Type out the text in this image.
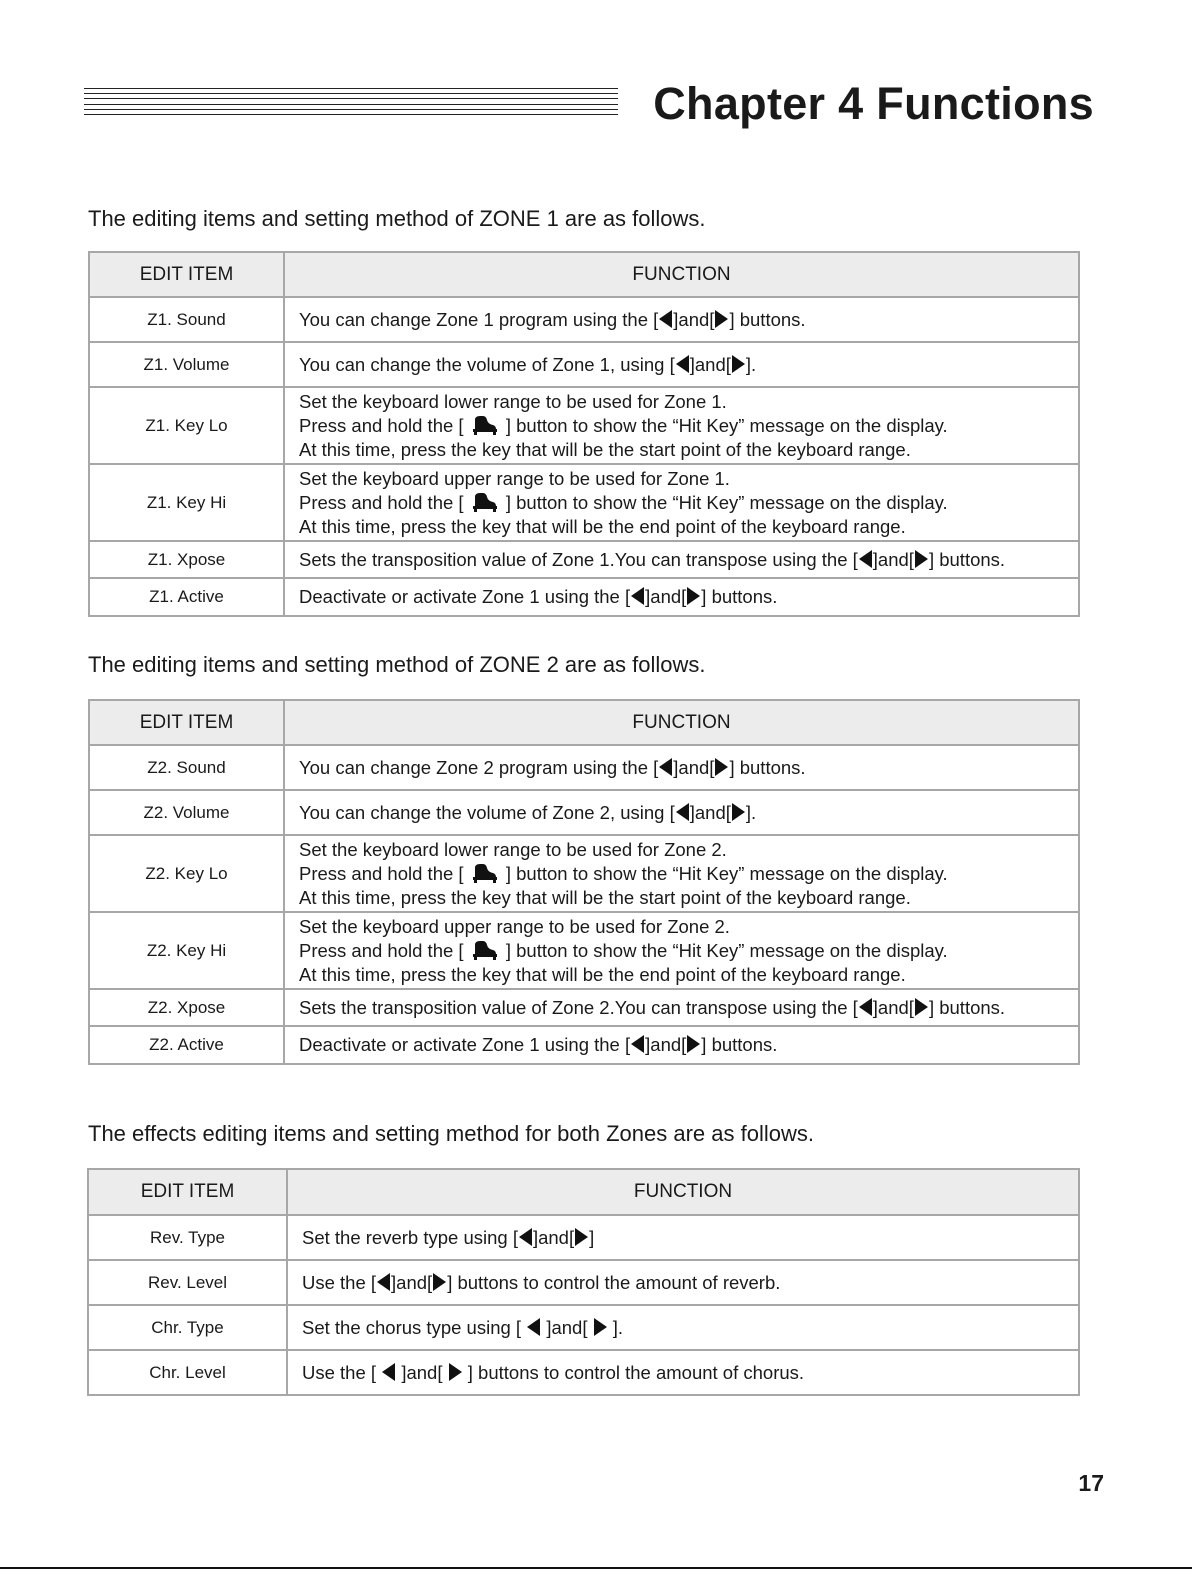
Chapter 4 Functions
The editing items and setting method of ZONE 1 are as follows.
EDIT ITEM	FUNCTION
Z1. Sound	You can change Zone 1 program using the [ ]and[ ] buttons.

Z1. Volume	You can change the volume of Zone 1, using [ ]and[ ].

Z1. Key Lo	Set the keyboard lower range to be used for Zone 1.
Press and hold the [  ] button to show the “Hit Key” message on the display.
At this time, press the key that will be the start point of the keyboard range.

Z1. Key Hi	Set the keyboard upper range to be used for Zone 1.
Press and hold the [  ] button to show the “Hit Key” message on the display.
At this time, press the key that will be the end point of the keyboard range.

Z1. Xpose	Sets the transposition value of Zone 1.You can transpose using the [ ]and[ ] buttons.

Z1. Active	Deactivate or activate Zone 1 using the [ ]and[ ] buttons.
The editing items and setting method of ZONE 2 are as follows.
EDIT ITEM	FUNCTION
Z2. Sound	You can change Zone 2 program using the [ ]and[ ] buttons.

Z2. Volume	You can change the volume of Zone 2, using [ ]and[ ].

Z2. Key Lo	Set the keyboard lower range to be used for Zone 2.
Press and hold the [  ] button to show the “Hit Key” message on the display.
At this time, press the key that will be the start point of the keyboard range.

Z2. Key Hi	Set the keyboard upper range to be used for Zone 2.
Press and hold the [  ] button to show the “Hit Key” message on the display.
At this time, press the key that will be the end point of the keyboard range.

Z2. Xpose	Sets the transposition value of Zone 2.You can transpose using the [ ]and[ ] buttons.

Z2. Active	Deactivate or activate Zone 1 using the [ ]and[ ] buttons.
The effects editing items and setting method for both Zones are as follows.
EDIT ITEM	FUNCTION
Rev. Type	Set the reverb type using [ ]and[ ]

Rev. Level	Use the [ ]and[ ] buttons to control the amount of reverb.

Chr. Type	Set the chorus type using [  ]and[  ].

Chr. Level	Use the [  ]and[  ] buttons to control the amount of chorus.
17
